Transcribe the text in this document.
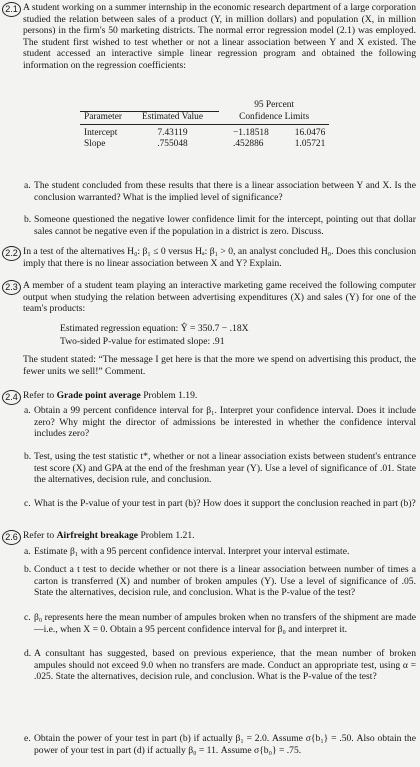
2.1 A student working on a summer internship in the economic research department of a large corporation studied the relation between sales of a product (Y, in million dollars) and population (X, in million persons) in the firm's 50 marketing districts. The normal error regression model (2.1) was employed. The student first wished to test whether or not a linear association between Y and X existed. The student accessed an interactive simple linear regression program and obtained the following information on the regression coefficients:
		95 Percent	
Parameter	Estimated Value	Confidence Limits	
Intercept	7.43119	−1.18518	16.0476
Slope	.755048	.452886	1.05721
a. The student concluded from these results that there is a linear association between Y and X. Is the conclusion warranted? What is the implied level of significance?
b. Someone questioned the negative lower confidence limit for the intercept, pointing out that dollar sales cannot be negative even if the population in a district is zero. Discuss.
2.2 In a test of the alternatives H₀: β₁ ≤ 0 versus Hₐ: β₁ > 0, an analyst concluded H₀. Does this conclusion imply that there is no linear association between X and Y? Explain.
2.3 A member of a student team playing an interactive marketing game received the following computer output when studying the relation between advertising expenditures (X) and sales (Y) for one of the team's products:
Estimated regression equation: Ŷ = 350.7 − .18X
Two-sided P-value for estimated slope: .91
The student stated: “The message I get here is that the more we spend on advertising this product, the fewer units we sell!” Comment.
2.4 Refer to Grade point average Problem 1.19.
a. Obtain a 99 percent confidence interval for β₁. Interpret your confidence interval. Does it include zero? Why might the director of admissions be interested in whether the confidence interval includes zero?
b. Test, using the test statistic t*, whether or not a linear association exists between student's entrance test score (X) and GPA at the end of the freshman year (Y). Use a level of significance of .01. State the alternatives, decision rule, and conclusion.
c. What is the P-value of your test in part (b)? How does it support the conclusion reached in part (b)?
2.6 Refer to Airfreight breakage Problem 1.21.
a. Estimate β₁ with a 95 percent confidence interval. Interpret your interval estimate.
b. Conduct a t test to decide whether or not there is a linear association between number of times a carton is transferred (X) and number of broken ampules (Y). Use a level of significance of .05. State the alternatives, decision rule, and conclusion. What is the P-value of the test?
c. β₀ represents here the mean number of ampules broken when no transfers of the shipment are made—i.e., when X = 0. Obtain a 95 percent confidence interval for β₀ and interpret it.
d. A consultant has suggested, based on previous experience, that the mean number of broken ampules should not exceed 9.0 when no transfers are made. Conduct an appropriate test, using α = .025. State the alternatives, decision rule, and conclusion. What is the P-value of the test?
e. Obtain the power of your test in part (b) if actually β₁ = 2.0. Assume σ{b₁} = .50. Also obtain the power of your test in part (d) if actually β₀ = 11. Assume σ{b₀} = .75.
